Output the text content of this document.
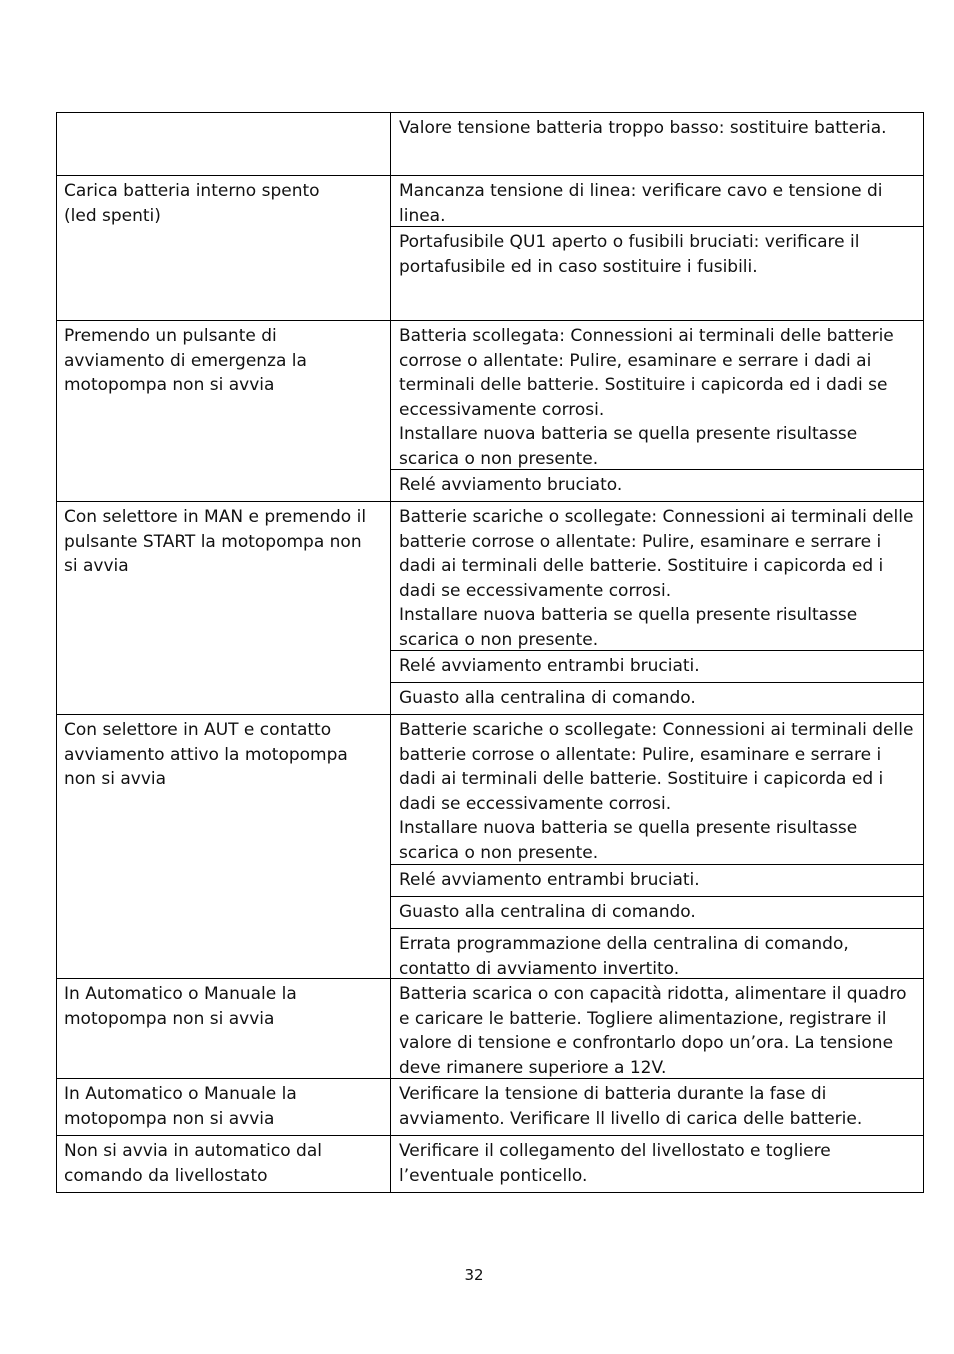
Valore tensione batteria troppo basso: sostituire batteria.
Carica batteria interno spento
(led spenti)
Mancanza tensione di linea: verificare cavo e tensione di
linea.
Portafusibile QU1 aperto o fusibili bruciati: verificare il
portafusibile ed in caso sostituire i fusibili.
Premendo un pulsante di
avviamento di emergenza la
motopompa non si avvia
Batteria scollegata: Connessioni ai terminali delle batterie
corrose o allentate: Pulire, esaminare e serrare i dadi ai
terminali delle batterie. Sostituire i capicorda ed i dadi se
eccessivamente corrosi.
Installare nuova batteria se quella presente risultasse
scarica o non presente.
Relé avviamento bruciato.
Con selettore in MAN e premendo il
pulsante START la motopompa non
si avvia
Batterie scariche o scollegate: Connessioni ai terminali delle
batterie corrose o allentate: Pulire, esaminare e serrare i
dadi ai terminali delle batterie. Sostituire i capicorda ed i
dadi se eccessivamente corrosi.
Installare nuova batteria se quella presente risultasse
scarica o non presente.
Relé avviamento entrambi bruciati.
Guasto alla centralina di comando.
Con selettore in AUT e contatto
avviamento attivo la motopompa
non si avvia
Batterie scariche o scollegate: Connessioni ai terminali delle
batterie corrose o allentate: Pulire, esaminare e serrare i
dadi ai terminali delle batterie. Sostituire i capicorda ed i
dadi se eccessivamente corrosi.
Installare nuova batteria se quella presente risultasse
scarica o non presente.
Relé avviamento entrambi bruciati.
Guasto alla centralina di comando.
Errata programmazione della centralina di comando,
contatto di avviamento invertito.
In Automatico o Manuale la
motopompa non si avvia
Batteria scarica o con capacità ridotta, alimentare il quadro
e caricare le batterie. Togliere alimentazione, registrare il
valore di tensione e confrontarlo dopo un’ora. La tensione
deve rimanere superiore a 12V.
In Automatico o Manuale la
motopompa non si avvia
Verificare la tensione di batteria durante la fase di
avviamento. Verificare ll livello di carica delle batterie.
Non si avvia in automatico dal
comando da livellostato
Verificare il collegamento del livellostato e togliere
l’eventuale ponticello.
32
